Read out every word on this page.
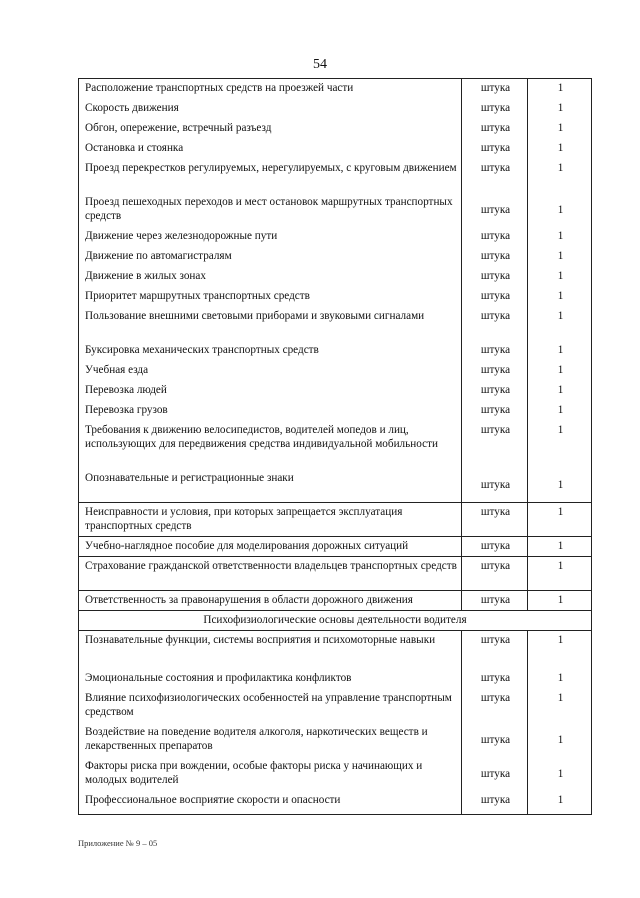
54
Расположение транспортных средств на проезжей части	штука	1
Скорость движения	штука	1
Обгон, опережение, встречный разъезд	штука	1
Остановка и стоянка	штука	1
Проезд перекрестков регулируемых, нерегулируемых, с круговым движением	штука	1
Проезд пешеходных переходов и мест остановок маршрутных транспортных средств	штука	1
Движение через железнодорожные пути	штука	1
Движение по автомагистралям	штука	1
Движение в жилых зонах	штука	1
Приоритет маршрутных транспортных средств	штука	1
Пользование внешними световыми приборами и звуковыми сигналами	штука	1
Буксировка механических транспортных средств	штука	1
Учебная езда	штука	1
Перевозка людей	штука	1
Перевозка грузов	штука	1
Требования к движению велосипедистов, водителей мопедов и лиц, использующих для передвижения средства индивидуальной мобильности	штука	1
Опознавательные и регистрационные знаки	штука	1
Неисправности и условия, при которых запрещается эксплуатация транспортных средств	штука	1
Учебно-наглядное пособие для моделирования дорожных ситуаций	штука	1
Страхование гражданской ответственности владельцев транспортных средств	штука	1
Ответственность за правонарушения в области дорожного движения	штука	1
Психофизиологические основы деятельности водителя		
Познавательные функции, системы восприятия и психомоторные навыки	штука	1
Эмоциональные состояния и профилактика конфликтов	штука	1
Влияние психофизиологических особенностей на управление транспортным средством	штука	1
Воздействие на поведение водителя алкоголя, наркотических веществ и лекарственных препаратов	штука	1
Факторы риска при вождении, особые факторы риска у начинающих и молодых водителей	штука	1
Профессиональное восприятие скорости и опасности	штука	1
Приложение № 9 – 05
